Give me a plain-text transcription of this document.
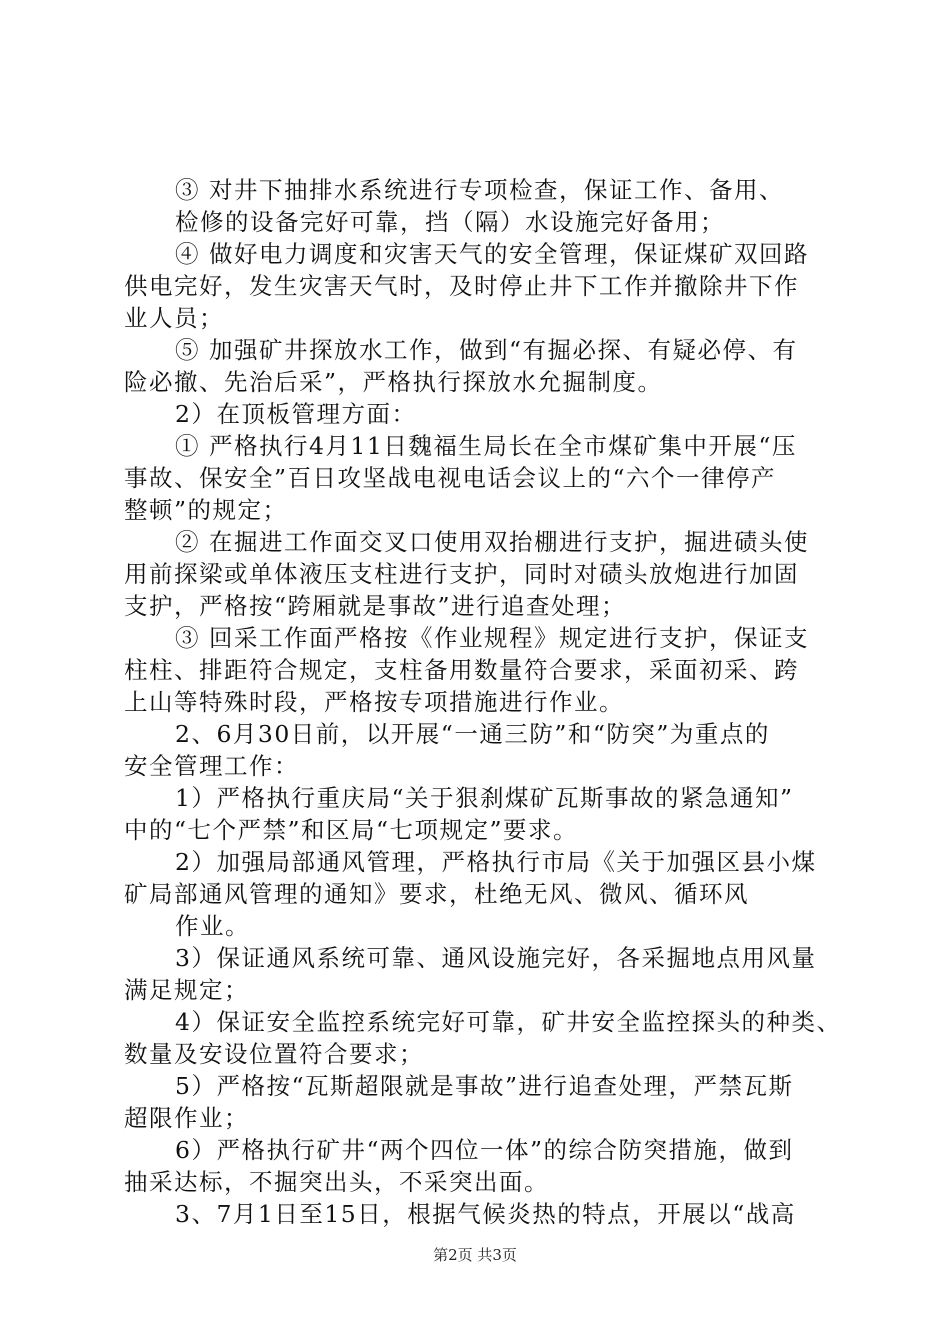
③ 对井下抽排水系统进行专项检查，保证工作、备用、
检修的设备完好可靠，挡（隔）水设施完好备用；
④ 做好电力调度和灾害天气的安全管理，保证煤矿双回路
供电完好，发生灾害天气时，及时停止井下工作并撤除井下作
业人员；
⑤ 加强矿井探放水工作，做到“有掘必探、有疑必停、有
险必撤、先治后采”，严格执行探放水允掘制度。
2）在顶板管理方面：
① 严格执行4月11日魏福生局长在全市煤矿集中开展“压
事故、保安全”百日攻坚战电视电话会议上的“六个一律停产
整顿”的规定；
② 在掘进工作面交叉口使用双抬棚进行支护，掘进碛头使
用前探梁或单体液压支柱进行支护，同时对碛头放炮进行加固
支护，严格按“跨厢就是事故”进行追查处理；
③ 回采工作面严格按《作业规程》规定进行支护，保证支
柱柱、排距符合规定，支柱备用数量符合要求，采面初采、跨
上山等特殊时段，严格按专项措施进行作业。
2、6月30日前，以开展“一通三防”和“防突”为重点的
安全管理工作：
1）严格执行重庆局“关于狠刹煤矿瓦斯事故的紧急通知”
中的“七个严禁”和区局“七项规定”要求。
2）加强局部通风管理，严格执行市局《关于加强区县小煤
矿局部通风管理的通知》要求，杜绝无风、微风、循环风
作业。
3）保证通风系统可靠、通风设施完好，各采掘地点用风量
满足规定；
4）保证安全监控系统完好可靠，矿井安全监控探头的种类、
数量及安设位置符合要求；
5）严格按“瓦斯超限就是事故”进行追查处理，严禁瓦斯
超限作业；
6）严格执行矿井“两个四位一体”的综合防突措施，做到
抽采达标，不掘突出头，不采突出面。
3、7月1日至15日，根据气候炎热的特点，开展以“战高
第2页 共3页
